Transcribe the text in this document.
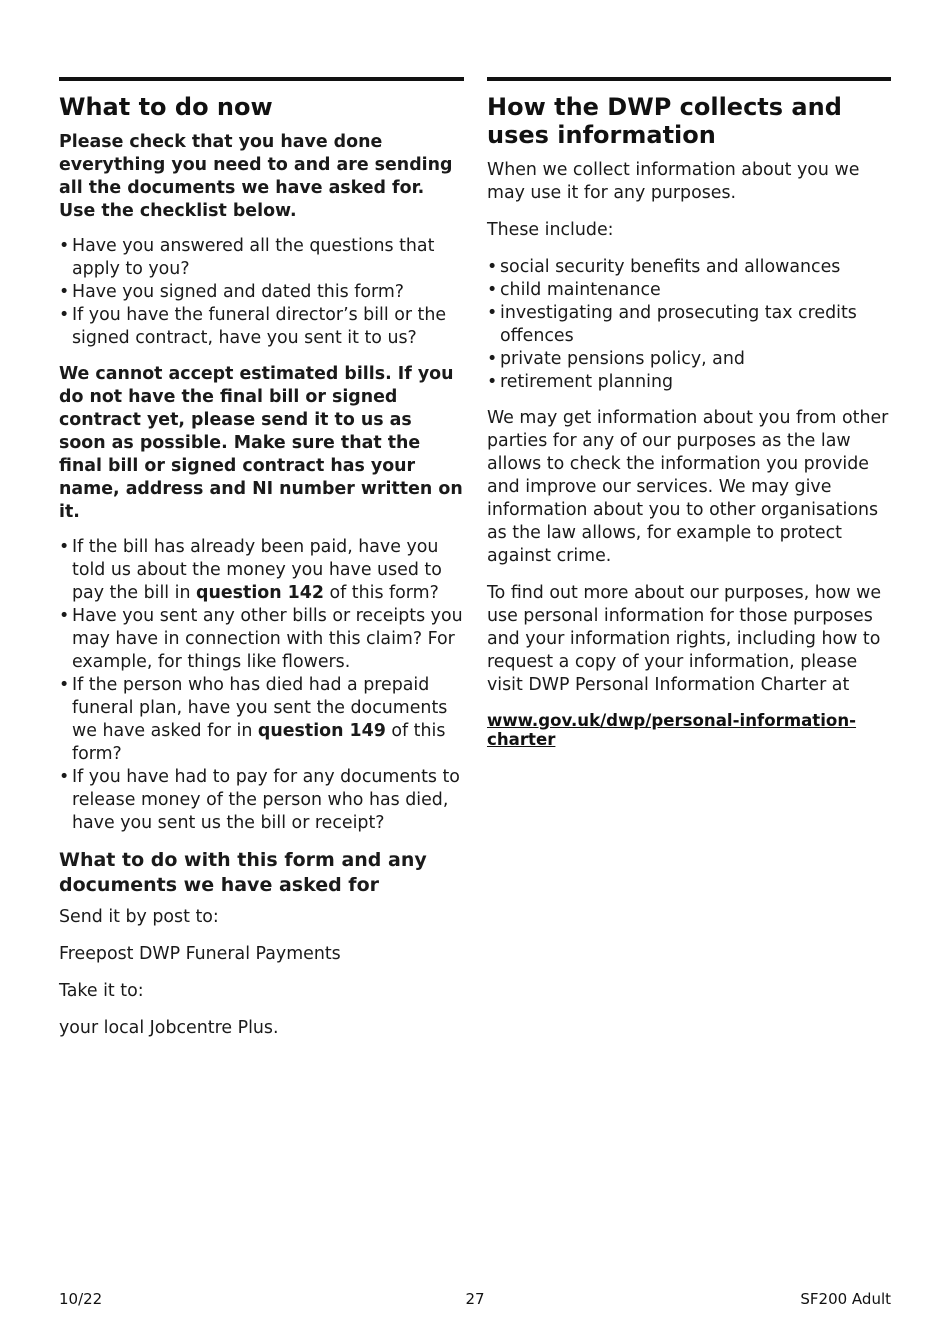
What to do now

Please check that you have done everything you need to and are sending all the documents we have asked for. Use the checklist below.

• Have you answered all the questions that apply to you?
• Have you signed and dated this form?
• If you have the funeral director’s bill or the signed contract, have you sent it to us?

We cannot accept estimated bills. If you do not have the final bill or signed contract yet, please send it to us as soon as possible. Make sure that the final bill or signed contract has your name, address and NI number written on it.

• If the bill has already been paid, have you told us about the money you have used to pay the bill in question 142 of this form?
• Have you sent any other bills or receipts you may have in connection with this claim? For example, for things like flowers.
• If the person who has died had a prepaid funeral plan, have you sent the documents we have asked for in question 149 of this form?
• If you have had to pay for any documents to release money of the person who has died, have you sent us the bill or receipt?
What to do with this form and any documents we have asked for

Send it by post to:

Freepost DWP Funeral Payments

Take it to:

your local Jobcentre Plus.

How the DWP collects and uses information

When we collect information about you we may use it for any purposes.

These include:

• social security benefits and allowances
• child maintenance
• investigating and prosecuting tax credits offences
• private pensions policy, and
• retirement planning

We may get information about you from other parties for any of our purposes as the law allows to check the information you provide and improve our services. We may give information about you to other organisations as the law allows, for example to protect against crime.

To find out more about our purposes, how we use personal information for those purposes and your information rights, including how to request a copy of your information, please visit DWP Personal Information Charter at

www.gov.uk/dwp/personal-information-charter
10/22	27	SF200 Adult
